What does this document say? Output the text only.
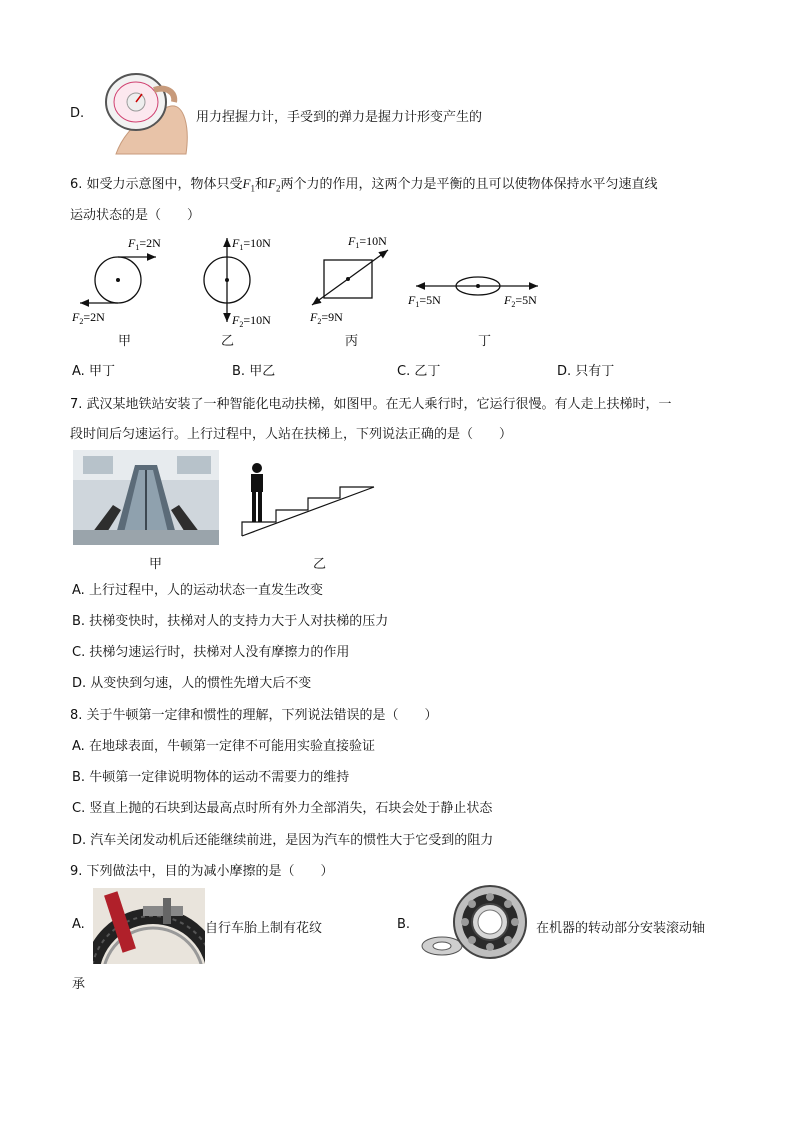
D.	用力捏握力计，手受到的弹力是握力计形变产生的
6. 如受力示意图中，物体只受$F_1$和$F_2$两个力的作用，这两个力是平衡的且可以使物体保持水平匀速直线
运动状态的是（　　）
$F_1=2N$
$F_2=2N$
甲
$F_1=10N$
$F_2=10N$
乙
$F_1=10N$
$F_2=9N$
丙
$F_1=5N$	$F_2=5N$
丁
A. 甲丁	B. 甲乙	C. 乙丁	D. 只有丁
7. 武汉某地铁站安装了一种智能化电动扶梯，如图甲。在无人乘行时，它运行很慢。有人走上扶梯时，一
段时间后匀速运行。上行过程中，人站在扶梯上，下列说法正确的是（　　）
甲	乙
A. 上行过程中，人的运动状态一直发生改变
B. 扶梯变快时，扶梯对人的支持力大于人对扶梯的压力
C. 扶梯匀速运行时，扶梯对人没有摩擦力的作用
D. 从变快到匀速，人的惯性先增大后不变
8. 关于牛顿第一定律和惯性的理解，下列说法错误的是（　　）
A. 在地球表面，牛顿第一定律不可能用实验直接验证
B. 牛顿第一定律说明物体的运动不需要力的维持
C. 竖直上抛的石块到达最高点时所有外力全部消失，石块会处于静止状态
D. 汽车关闭发动机后还能继续前进，是因为汽车的惯性大于它受到的阻力
9. 下列做法中，目的为减小摩擦的是（　　）
A.	自行车胎上制有花纹	B.	在机器的转动部分安装滚动轴
承
